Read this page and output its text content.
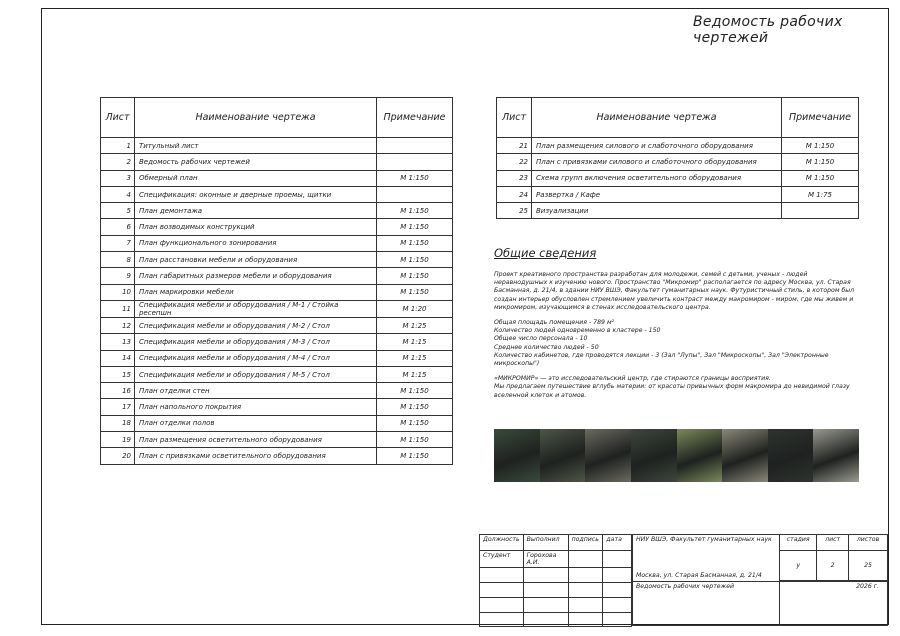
Ведомость рабочих чертежей
Лист	Наименование чертежа	Примечание
1	Титульный лист	
2	Ведомость рабочих чертежей	
3	Обмерный план	М 1:150
4	Спецификация: оконные и дверные проемы, щитки	
5	План демонтажа	М 1:150
6	План возводимых конструкций	М 1:150
7	План функционального зонирования	М 1:150
8	План расстановки мебели и оборудования	М 1:150
9	План габаритных размеров мебели и оборудования	М 1:150
10	План маркировки мебели	М 1:150
11	Спецификация мебели и оборудования / М-1 / Стойка ресепшн	М 1:20
12	Спецификация мебели и оборудования / М-2 / Стол	М 1:25
13	Спецификация мебели и оборудования / М-3 / Стол	М 1:15
14	Спецификация мебели и оборудования / М-4 / Стол	М 1:15
15	Спецификация мебели и оборудования / М-5 / Стол	М 1:15
16	План отделки стен	М 1:150
17	План напольного покрытия	М 1:150
18	План отделки полов	М 1:150
19	План размещения осветительного оборудования	М 1:150
20	План с привязками осветительного оборудования	М 1:150
Лист	Наименование чертежа	Примечание
21	План размещения силового и слаботочного оборудования	М 1:150
22	План с привязками силового и слаботочного оборудования	М 1:150
23	Схема групп включения осветительного оборудования	М 1:150
24	Развертка / Кафе	М 1:75
25	Визуализации	
Общие сведения

Проект креативного пространства разработан для молодежи, семей с детьми, ученых - людей неравнодушных к изучению нового. Пространство "Микромир" располагается по адресу Москва, ул. Старая Басманная, д. 21/4, в здании НИУ ВШЭ, Факультет гуманитарных наук. Футуристичный стиль, в котором был создан интерьер обусловлен стремлением увеличить контраст между макромиром - миром, где мы живем и микромиром, изучающимся в стенах исследовательского центра.

Общая площадь помещения - 789 м²

Количество людей одновременно в кластере - 150

Общее число персонала - 10

Среднее количество людей - 50

Количество кабинетов, где проводятся лекции - 3 (Зал "Лупы", Зал "Микроскопы", Зал "Электронные микроскопы")

«МИКРОМИР» — это исследовательский центр, где стираются границы восприятия.

Мы предлагаем путешествие вглубь материи: от красоты привычных форм макромира до невидимой глазу вселенной клеток и атомов.

Должность	Выполнил	подпись	дата
Студент	Горохова А.И.		

НИУ ВШЭ, Факультет гуманитарных наук
Москва, ул. Старая Басманная, д. 21/4	стадия	лист	листов
	у	2	25

Ведомость рабочих чертежей	2026 г.		
